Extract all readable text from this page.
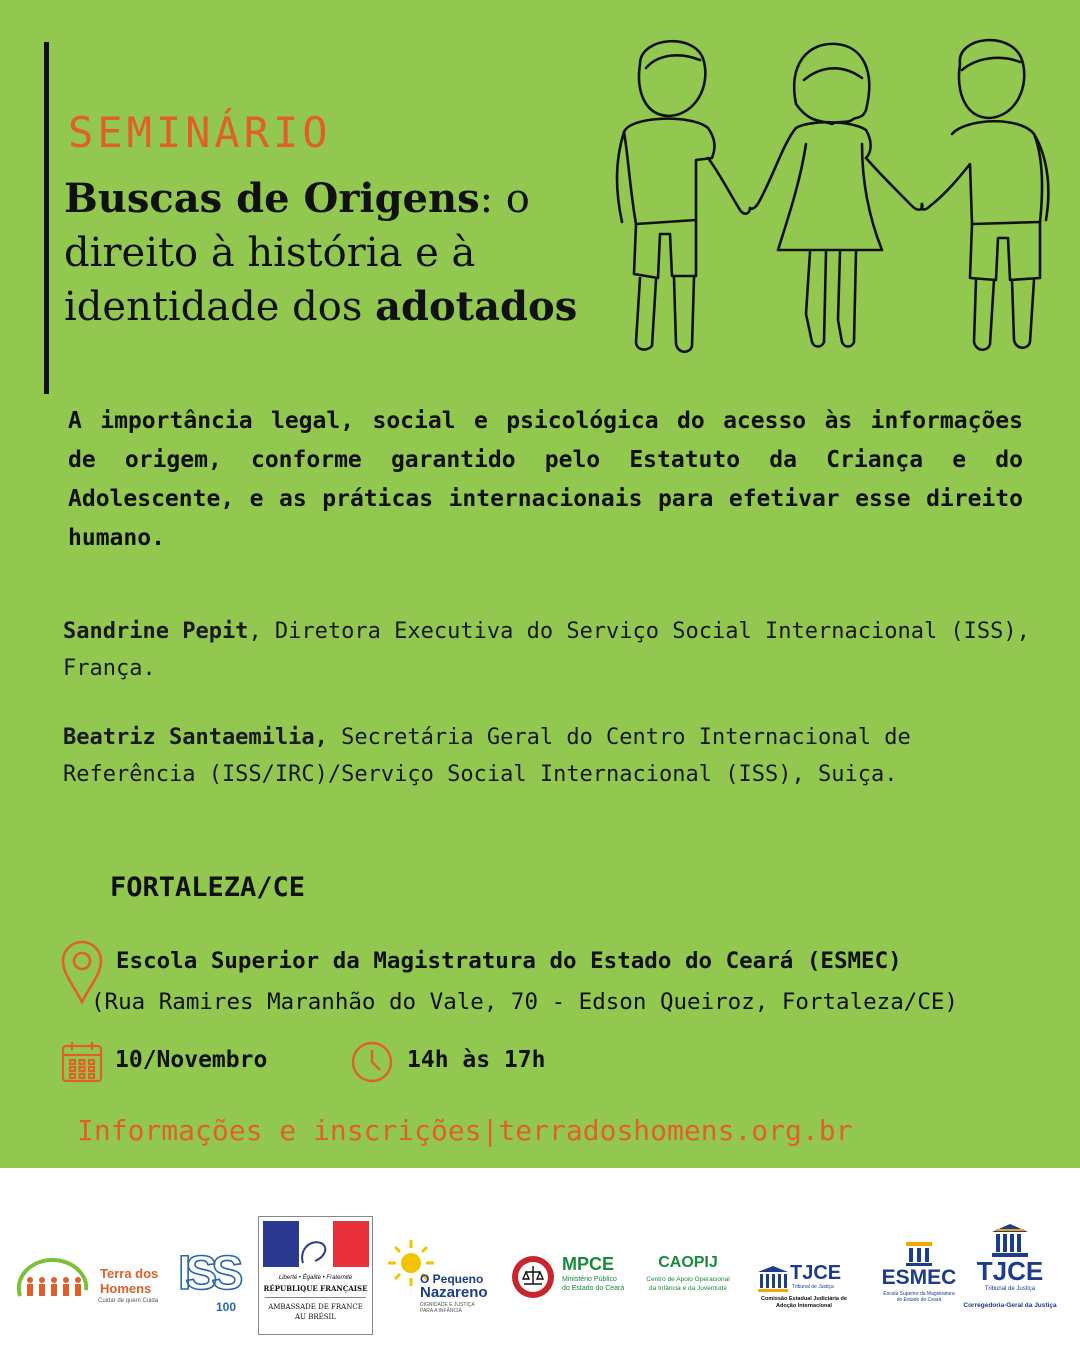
SEMINÁRIO
Buscas de Origens: o direito à história e à identidade dos adotados
A importância legal, social e psicológica do acesso às informações de origem, conforme garantido pelo Estatuto da Criança e do Adolescente, e as práticas internacionais para efetivar esse direito humano.
Sandrine Pepit, Diretora Executiva do Serviço Social Internacional (ISS), França.
Beatriz Santaemilia, Secretária Geral do Centro Internacional de Referência (ISS/IRC)/Serviço Social Internacional (ISS), Suiça.
FORTALEZA/CE
Escola Superior da Magistratura do Estado do Ceará (ESMEC)
(Rua Ramires Maranhão do Vale, 70 - Edson Queiroz, Fortaleza/CE)
10/Novembro	14h às 17h
Informações e inscrições|terradoshomens.org.br
Terra dos
Homens
Cuidar de quem Cuida
ISS
100
Liberté • Égalité • Fraternité
RÉPUBLIQUE FRANÇAISE
AMBASSADE DE FRANCE
AU BRÉSIL
O Pequeno
Nazareno
DIGNIDADE E JUSTIÇA
PARA A INFÂNCIA
MPCE
Ministério Público
do Estado do Ceará
CAOPIJ
Centro de Apoio Operacional
da Infância e da Juventude
TJCE
Tribunal de Justiça
Comissão Estadual Judiciária de
Adoção Internacional
ESMEC
Escola Superior da Magistratura
do Estado do Ceará
TJCE
Tribunal de Justiça
Corregedoria-Geral da Justiça
